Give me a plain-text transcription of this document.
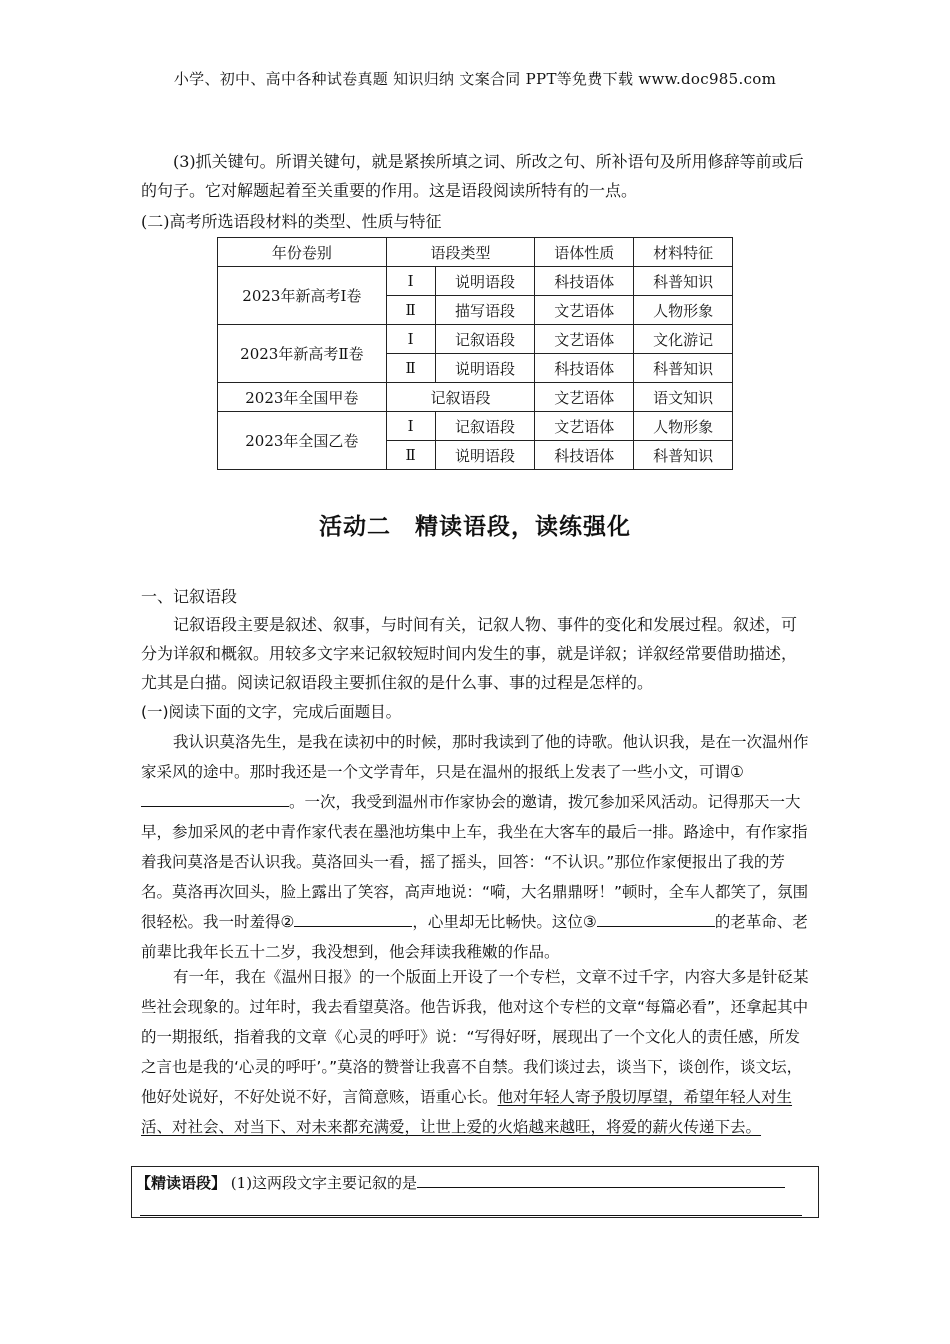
小学、初中、高中各种试卷真题 知识归纳 文案合同 PPT等免费下载 www.doc985.com
(3)抓关键句。所谓关键句，就是紧挨所填之词、所改之句、所补语句及所用修辞等前或后的句子。它对解题起着至关重要的作用。这是语段阅读所特有的一点。
(二)高考所选语段材料的类型、性质与特征
年份卷别	语段类型		语体性质	材料特征
2023年新高考Ⅰ卷	Ⅰ	说明语段	科技语体	科普知识
	Ⅱ	描写语段	文艺语体	人物形象
2023年新高考Ⅱ卷	Ⅰ	记叙语段	文艺语体	文化游记
	Ⅱ	说明语段	科技语体	科普知识
2023年全国甲卷	记叙语段		文艺语体	语文知识
2023年全国乙卷	Ⅰ	记叙语段	文艺语体	人物形象
	Ⅱ	说明语段	科技语体	科普知识
活动二　精读语段，读练强化
一、记叙语段
记叙语段主要是叙述、叙事，与时间有关，记叙人物、事件的变化和发展过程。叙述，可分为详叙和概叙。用较多文字来记叙较短时间内发生的事，就是详叙；详叙经常要借助描述，尤其是白描。阅读记叙语段主要抓住叙的是什么事、事的过程是怎样的。
(一)阅读下面的文字，完成后面题目。
我认识莫洛先生，是我在读初中的时候，那时我读到了他的诗歌。他认识我，是在一次温州作家采风的途中。那时我还是一个文学青年，只是在温州的报纸上发表了一些小文，可谓①。一次，我受到温州市作家协会的邀请，拨冗参加采风活动。记得那天一大早，参加采风的老中青作家代表在墨池坊集中上车，我坐在大客车的最后一排。路途中，有作家指着我问莫洛是否认识我。莫洛回头一看，摇了摇头，回答：“不认识。”那位作家便报出了我的芳名。莫洛再次回头，脸上露出了笑容，高声地说：“嗬，大名鼎鼎呀！”顿时，全车人都笑了，氛围很轻松。我一时羞得②	，心里却无比畅快。这位③	的老革命、老前辈比我年长五十二岁，我没想到，他会拜读我稚嫩的作品。
有一年，我在《温州日报》的一个版面上开设了一个专栏，文章不过千字，内容大多是针砭某些社会现象的。过年时，我去看望莫洛。他告诉我，他对这个专栏的文章“每篇必看”，还拿起其中的一期报纸，指着我的文章《心灵的呼吁》说：“写得好呀，展现出了一个文化人的责任感，所发之言也是我的‘心灵的呼吁’。”莫洛的赞誉让我喜不自禁。我们谈过去，谈当下，谈创作，谈文坛，他好处说好，不好处说不好，言简意赅，语重心长。他对年轻人寄予殷切厚望，希望年轻人对生活、对社会、对当下、对未来都充满爱，让世上爱的火焰越来越旺，将爱的薪火传递下去。
【精读语段】 (1)这两段文字主要记叙的是
